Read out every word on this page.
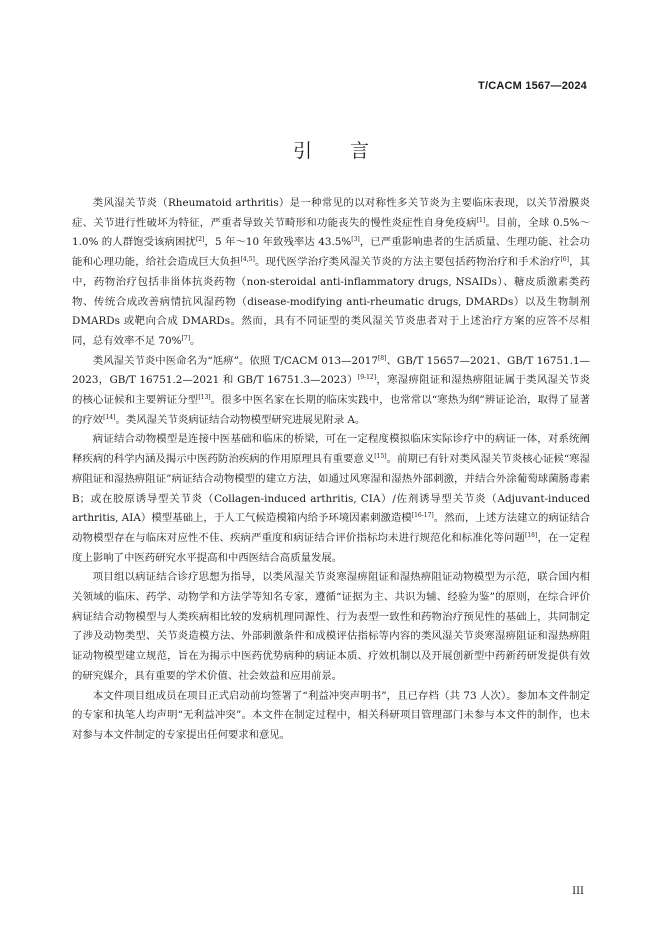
T/CACM 1567—2024
引言

类风湿关节炎（Rheumatoid arthritis）是一种常见的以对称性多关节炎为主要临床表现，以关节滑膜炎症、关节进行性破坏为特征，严重者导致关节畸形和功能丧失的慢性炎症性自身免疫病[1]。目前，全球 0.5%～1.0% 的人群饱受该病困扰[2]，5 年～10 年致残率达 43.5%[3]，已严重影响患者的生活质量、生理功能、社会功能和心理功能，给社会造成巨大负担[4,5]。现代医学治疗类风湿关节炎的方法主要包括药物治疗和手术治疗[6]，其中，药物治疗包括非甾体抗炎药物（non-steroidal anti-inflammatory drugs, NSAIDs）、糖皮质激素类药物、传统合成改善病情抗风湿药物（disease-modifying anti-rheumatic drugs, DMARDs）以及生物制剂 DMARDs 或靶向合成 DMARDs。然而，具有不同证型的类风湿关节炎患者对于上述治疗方案的应答不尽相同，总有效率不足 70%[7]。

类风湿关节炎中医命名为“尪痹”。依照 T/CACM 013—2017[8]、GB/T 15657—2021、GB/T 16751.1—2023，GB/T 16751.2—2021 和 GB/T 16751.3—2023）[9-12]，寒湿痹阻证和湿热痹阻证属于类风湿关节炎的核心证候和主要辨证分型[13]。很多中医名家在长期的临床实践中，也常常以“寒热为纲”辨证论治，取得了显著的疗效[14]。类风湿关节炎病证结合动物模型研究进展见附录 A。

病证结合动物模型是连接中医基础和临床的桥梁，可在一定程度模拟临床实际诊疗中的病证一体，对系统阐释疾病的科学内涵及揭示中医药防治疾病的作用原理具有重要意义[15]。前期已有针对类风湿关节炎核心证候“寒湿痹阻证和湿热痹阻证”病证结合动物模型的建立方法，如通过风寒湿和湿热外部刺激，并结合外涂葡萄球菌肠毒素B；或在胶原诱导型关节炎（Collagen-induced arthritis, CIA）/佐剂诱导型关节炎（Adjuvant-induced arthritis, AIA）模型基础上，于人工气候造模箱内给予环境因素刺激造模[16-17]。然而，上述方法建立的病证结合动物模型存在与临床对应性不佳、疾病严重度和病证结合评价指标均未进行规范化和标准化等问题[18]，在一定程度上影响了中医药研究水平提高和中西医结合高质量发展。

项目组以病证结合诊疗思想为指导，以类风湿关节炎寒湿痹阻证和湿热痹阻证动物模型为示范，联合国内相关领域的临床、药学、动物学和方法学等知名专家，遵循“证据为主、共识为辅、经验为鉴”的原则，在综合评价病证结合动物模型与人类疾病相比较的发病机理同源性、行为表型一致性和药物治疗预见性的基础上，共同制定了涉及动物类型、关节炎造模方法、外部刺激条件和成模评估指标等内容的类风湿关节炎寒湿痹阻证和湿热痹阻证动物模型建立规范，旨在为揭示中医药优势病种的病证本质、疗效机制以及开展创新型中药新药研发提供有效的研究媒介，具有重要的学术价值、社会效益和应用前景。

本文件项目组成员在项目正式启动前均签署了“利益冲突声明书”，且已存档（共 73 人次）。参加本文件制定的专家和执笔人均声明“无利益冲突”。本文件在制定过程中，相关科研项目管理部门未参与本文件的制作，也未对参与本文件制定的专家提出任何要求和意见。

III
